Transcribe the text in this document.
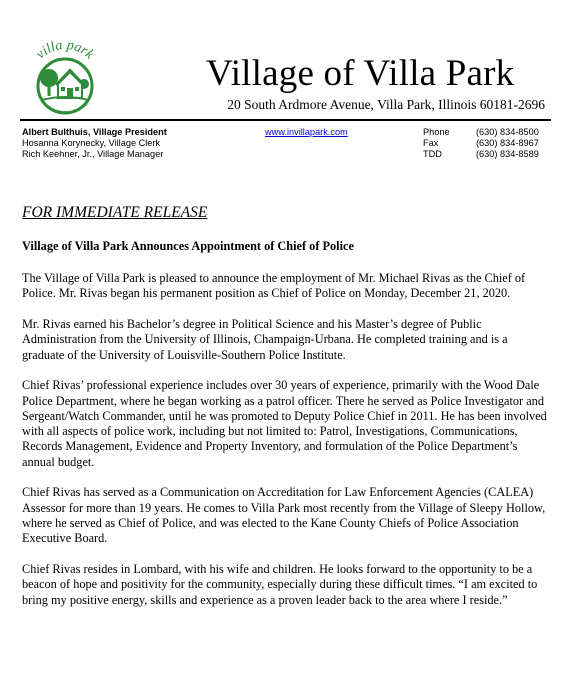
villa park
THE GARDEN VILLAGE
Village of Villa Park
20 South Ardmore Avenue, Villa Park, Illinois 60181-2696
Albert Bulthuis, Village President
Hosanna Korynecky, Village Clerk
Rich Keehner, Jr., Village Manager
www.invillapark.com	Phone	(630) 834-8500
Fax	(630) 834-8967
TDD	(630) 834-8589
FOR IMMEDIATE RELEASE
Village of Villa Park Announces Appointment of Chief of Police

The Village of Villa Park is pleased to announce the employment of Mr. Michael Rivas as the Chief of Police. Mr. Rivas began his permanent position as Chief of Police on Monday, December 21, 2020.

Mr. Rivas earned his Bachelor’s degree in Political Science and his Master’s degree of Public Administration from the University of Illinois, Champaign-Urbana. He completed training and is a graduate of the University of Louisville-Southern Police Institute.

Chief Rivas’ professional experience includes over 30 years of experience, primarily with the Wood Dale Police Department, where he began working as a patrol officer. There he served as Police Investigator and Sergeant/Watch Commander, until he was promoted to Deputy Police Chief in 2011. He has been involved with all aspects of police work, including but not limited to: Patrol, Investigations, Communications, Records Management, Evidence and Property Inventory, and formulation of the Police Department’s annual budget.

Chief Rivas has served as a Communication on Accreditation for Law Enforcement Agencies (CALEA) Assessor for more than 19 years. He comes to Villa Park most recently from the Village of Sleepy Hollow, where he served as Chief of Police, and was elected to the Kane County Chiefs of Police Association Executive Board.

Chief Rivas resides in Lombard, with his wife and children. He looks forward to the opportunity to be a beacon of hope and positivity for the community, especially during these difficult times. “I am excited to bring my positive energy, skills and experience as a proven leader back to the area where I reside.”
